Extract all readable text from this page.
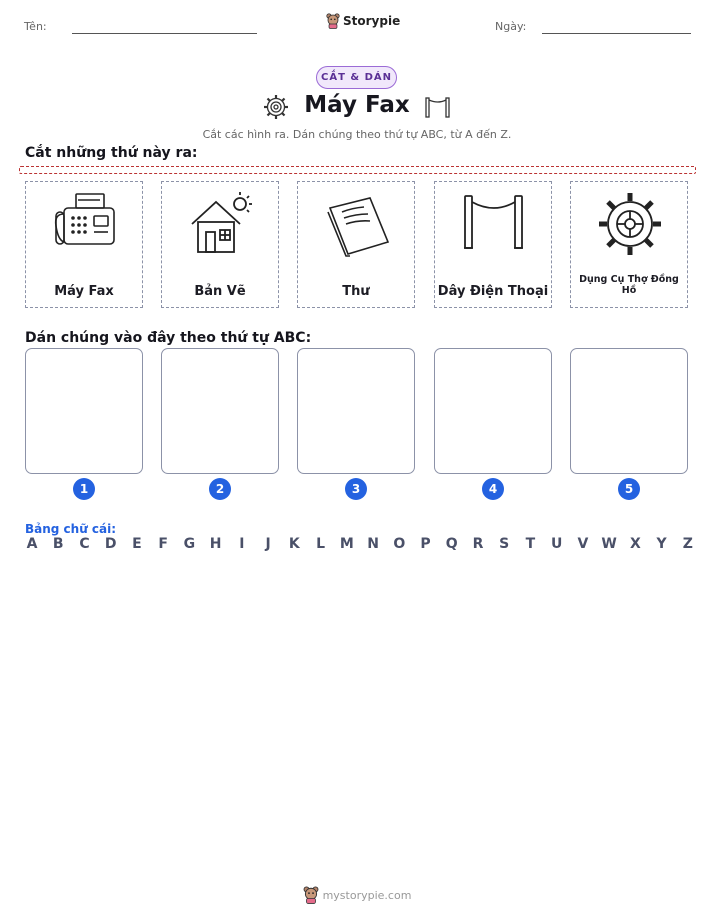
Tên:	Storypie	Ngày:
CẮT & DÁN
Máy Fax
Cắt các hình ra. Dán chúng theo thứ tự ABC, từ A đến Z.
Cắt những thứ này ra:
Máy Fax	Bản Vẽ	Thư	Dây Điện Thoại
Dụng Cụ Thợ Đồng Hồ
Dán chúng vào đây theo thứ tự ABC:
1	2	3	4	5
Bảng chữ cái:
A B C D E F G H	I	J	K L M N O P Q R S T U V W X Y Z
mystorypie.com
